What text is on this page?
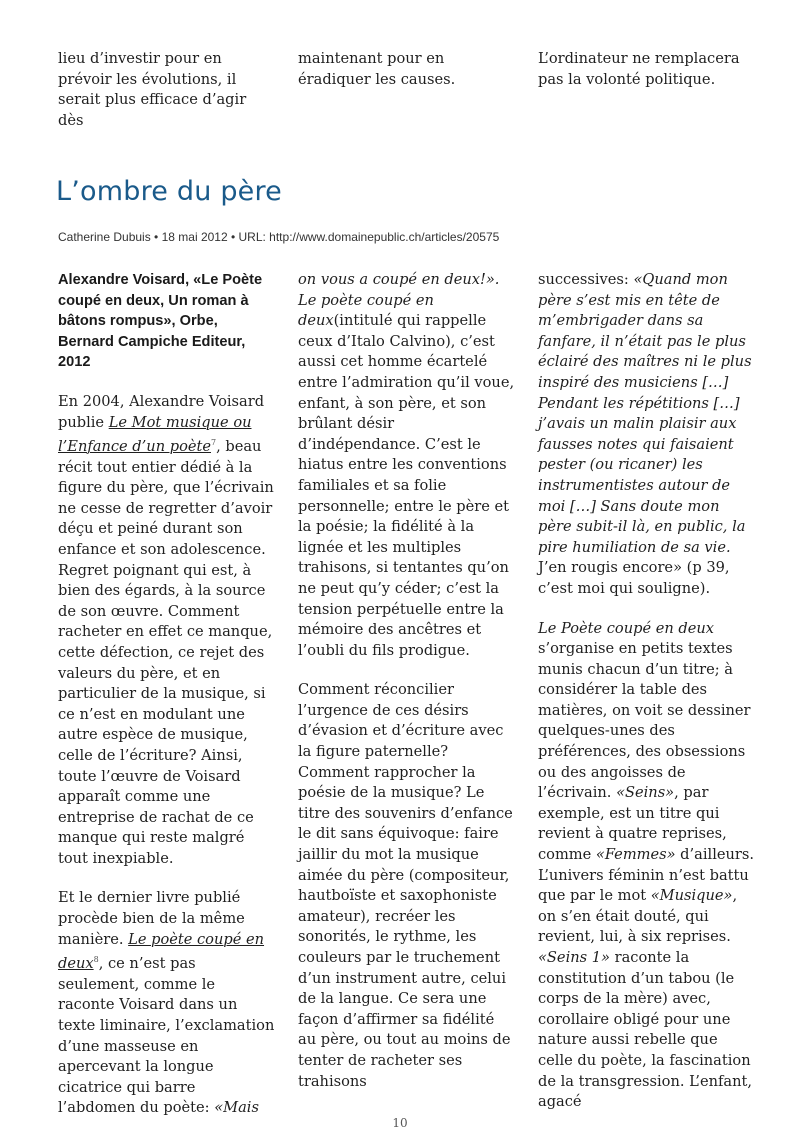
lieu d’investir pour en prévoir les évolutions, il serait plus efficace d’agir dès

maintenant pour en éradiquer les causes.

L’ordinateur ne remplacera pas la volonté politique.

L’ombre du père
Catherine Dubuis • 18 mai 2012 • URL: http://www.domainepublic.ch/articles/20575
Alexandre Voisard, «Le Poète coupé en deux, Un roman à bâtons rompus», Orbe, Bernard Campiche Editeur, 2012

En 2004, Alexandre Voisard publie Le Mot musique ou l’Enfance d’un poète$^7$, beau récit tout entier dédié à la figure du père, que l’écrivain ne cesse de regretter d’avoir déçu et peiné durant son enfance et son adolescence. Regret poignant qui est, à bien des égards, à la source de son œuvre. Comment racheter en effet ce manque, cette défection, ce rejet des valeurs du père, et en particulier de la musique, si ce n’est en modulant une autre espèce de musique, celle de l’écriture? Ainsi, toute l’œuvre de Voisard apparaît comme une entreprise de rachat de ce manque qui reste malgré tout inexpiable.

Et le dernier livre publié procède bien de la même manière. Le poète coupé en deux$^8$, ce n’est pas seulement, comme le raconte Voisard dans un texte liminaire, l’exclamation d’une masseuse en apercevant la longue cicatrice qui barre l’abdomen du poète: «Mais

on vous a coupé en deux!». Le poète coupé en deux(intitulé qui rappelle ceux d’Italo Calvino), c’est aussi cet homme écartelé entre l’admiration qu’il voue, enfant, à son père, et son brûlant désir d’indépendance. C’est le hiatus entre les conventions familiales et sa folie personnelle; entre le père et la poésie; la fidélité à la lignée et les multiples trahisons, si tentantes qu’on ne peut qu’y céder; c’est la tension perpétuelle entre la mémoire des ancêtres et l’oubli du fils prodigue.

Comment réconcilier l’urgence de ces désirs d’évasion et d’écriture avec la figure paternelle? Comment rapprocher la poésie de la musique? Le titre des souvenirs d’enfance le dit sans équivoque: faire jaillir du mot la musique aimée du père (compositeur, hautboïste et saxophoniste amateur), recréer les sonorités, le rythme, les couleurs par le truchement d’un instrument autre, celui de la langue. Ce sera une façon d’affirmer sa fidélité au père, ou tout au moins de tenter de racheter ses trahisons

successives: «Quand mon père s’est mis en tête de m’embrigader dans sa fanfare, il n’était pas le plus éclairé des maîtres ni le plus inspiré des musiciens […] Pendant les répétitions […] j’avais un malin plaisir aux fausses notes qui faisaient pester (ou ricaner) les instrumentistes autour de moi […] Sans doute mon père subit-il là, en public, la pire humiliation de sa vie. J’en rougis encore» (p 39, c’est moi qui souligne).

Le Poète coupé en deux s’organise en petits textes munis chacun d’un titre; à considérer la table des matières, on voit se dessiner quelques-unes des préférences, des obsessions ou des angoisses de l’écrivain. «Seins», par exemple, est un titre qui revient à quatre reprises, comme «Femmes» d’ailleurs. L’univers féminin n’est battu que par le mot «Musique», on s’en était douté, qui revient, lui, à six reprises. «Seins 1» raconte la constitution d’un tabou (le corps de la mère) avec, corollaire obligé pour une nature aussi rebelle que celle du poète, la fascination de la transgression. L’enfant, agacé

10
